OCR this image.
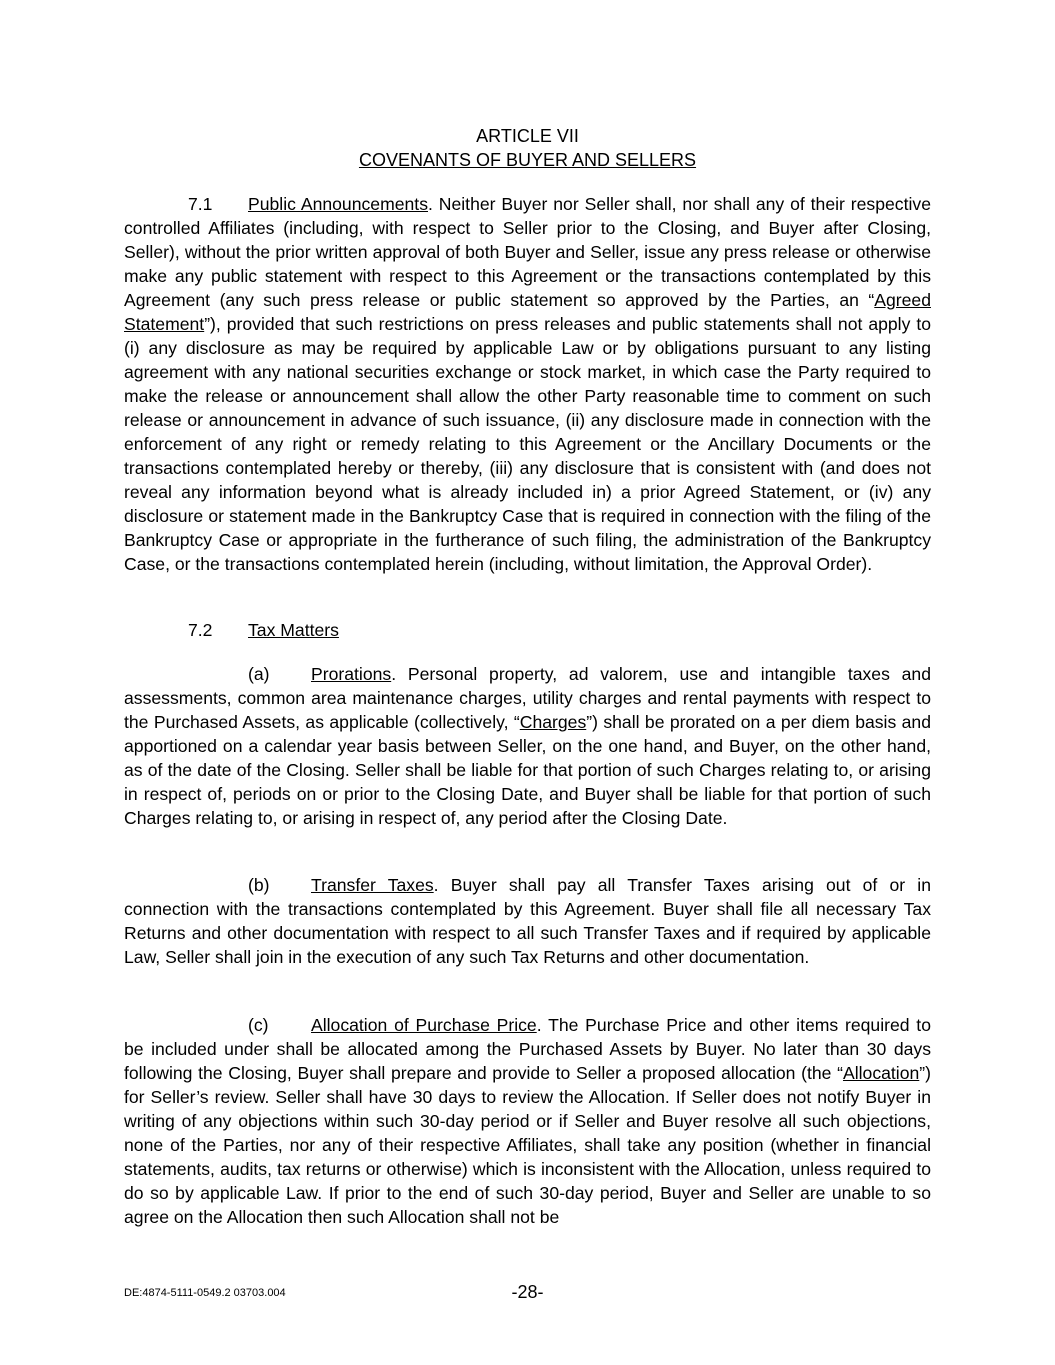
ARTICLE VII
COVENANTS OF BUYER AND SELLERS
7.1 Public Announcements. Neither Buyer nor Seller shall, nor shall any of their respective controlled Affiliates (including, with respect to Seller prior to the Closing, and Buyer after Closing, Seller), without the prior written approval of both Buyer and Seller, issue any press release or otherwise make any public statement with respect to this Agreement or the transactions contemplated by this Agreement (any such press release or public statement so approved by the Parties, an “Agreed Statement”), provided that such restrictions on press releases and public statements shall not apply to (i) any disclosure as may be required by applicable Law or by obligations pursuant to any listing agreement with any national securities exchange or stock market, in which case the Party required to make the release or announcement shall allow the other Party reasonable time to comment on such release or announcement in advance of such issuance, (ii) any disclosure made in connection with the enforcement of any right or remedy relating to this Agreement or the Ancillary Documents or the transactions contemplated hereby or thereby, (iii) any disclosure that is consistent with (and does not reveal any information beyond what is already included in) a prior Agreed Statement, or (iv) any disclosure or statement made in the Bankruptcy Case that is required in connection with the filing of the Bankruptcy Case or appropriate in the furtherance of such filing, the administration of the Bankruptcy Case, or the transactions contemplated herein (including, without limitation, the Approval Order).
7.2 Tax Matters
(a) Prorations. Personal property, ad valorem, use and intangible taxes and assessments, common area maintenance charges, utility charges and rental payments with respect to the Purchased Assets, as applicable (collectively, “Charges”) shall be prorated on a per diem basis and apportioned on a calendar year basis between Seller, on the one hand, and Buyer, on the other hand, as of the date of the Closing. Seller shall be liable for that portion of such Charges relating to, or arising in respect of, periods on or prior to the Closing Date, and Buyer shall be liable for that portion of such Charges relating to, or arising in respect of, any period after the Closing Date.
(b) Transfer Taxes. Buyer shall pay all Transfer Taxes arising out of or in connection with the transactions contemplated by this Agreement. Buyer shall file all necessary Tax Returns and other documentation with respect to all such Transfer Taxes and if required by applicable Law, Seller shall join in the execution of any such Tax Returns and other documentation.
(c) Allocation of Purchase Price. The Purchase Price and other items required to be included under shall be allocated among the Purchased Assets by Buyer. No later than 30 days following the Closing, Buyer shall prepare and provide to Seller a proposed allocation (the “Allocation”) for Seller’s review. Seller shall have 30 days to review the Allocation. If Seller does not notify Buyer in writing of any objections within such 30-day period or if Seller and Buyer resolve all such objections, none of the Parties, nor any of their respective Affiliates, shall take any position (whether in financial statements, audits, tax returns or otherwise) which is inconsistent with the Allocation, unless required to do so by applicable Law. If prior to the end of such 30-day period, Buyer and Seller are unable to so agree on the Allocation then such Allocation shall not be
DE:4874-5111-0549.2 03703.004	-28-
